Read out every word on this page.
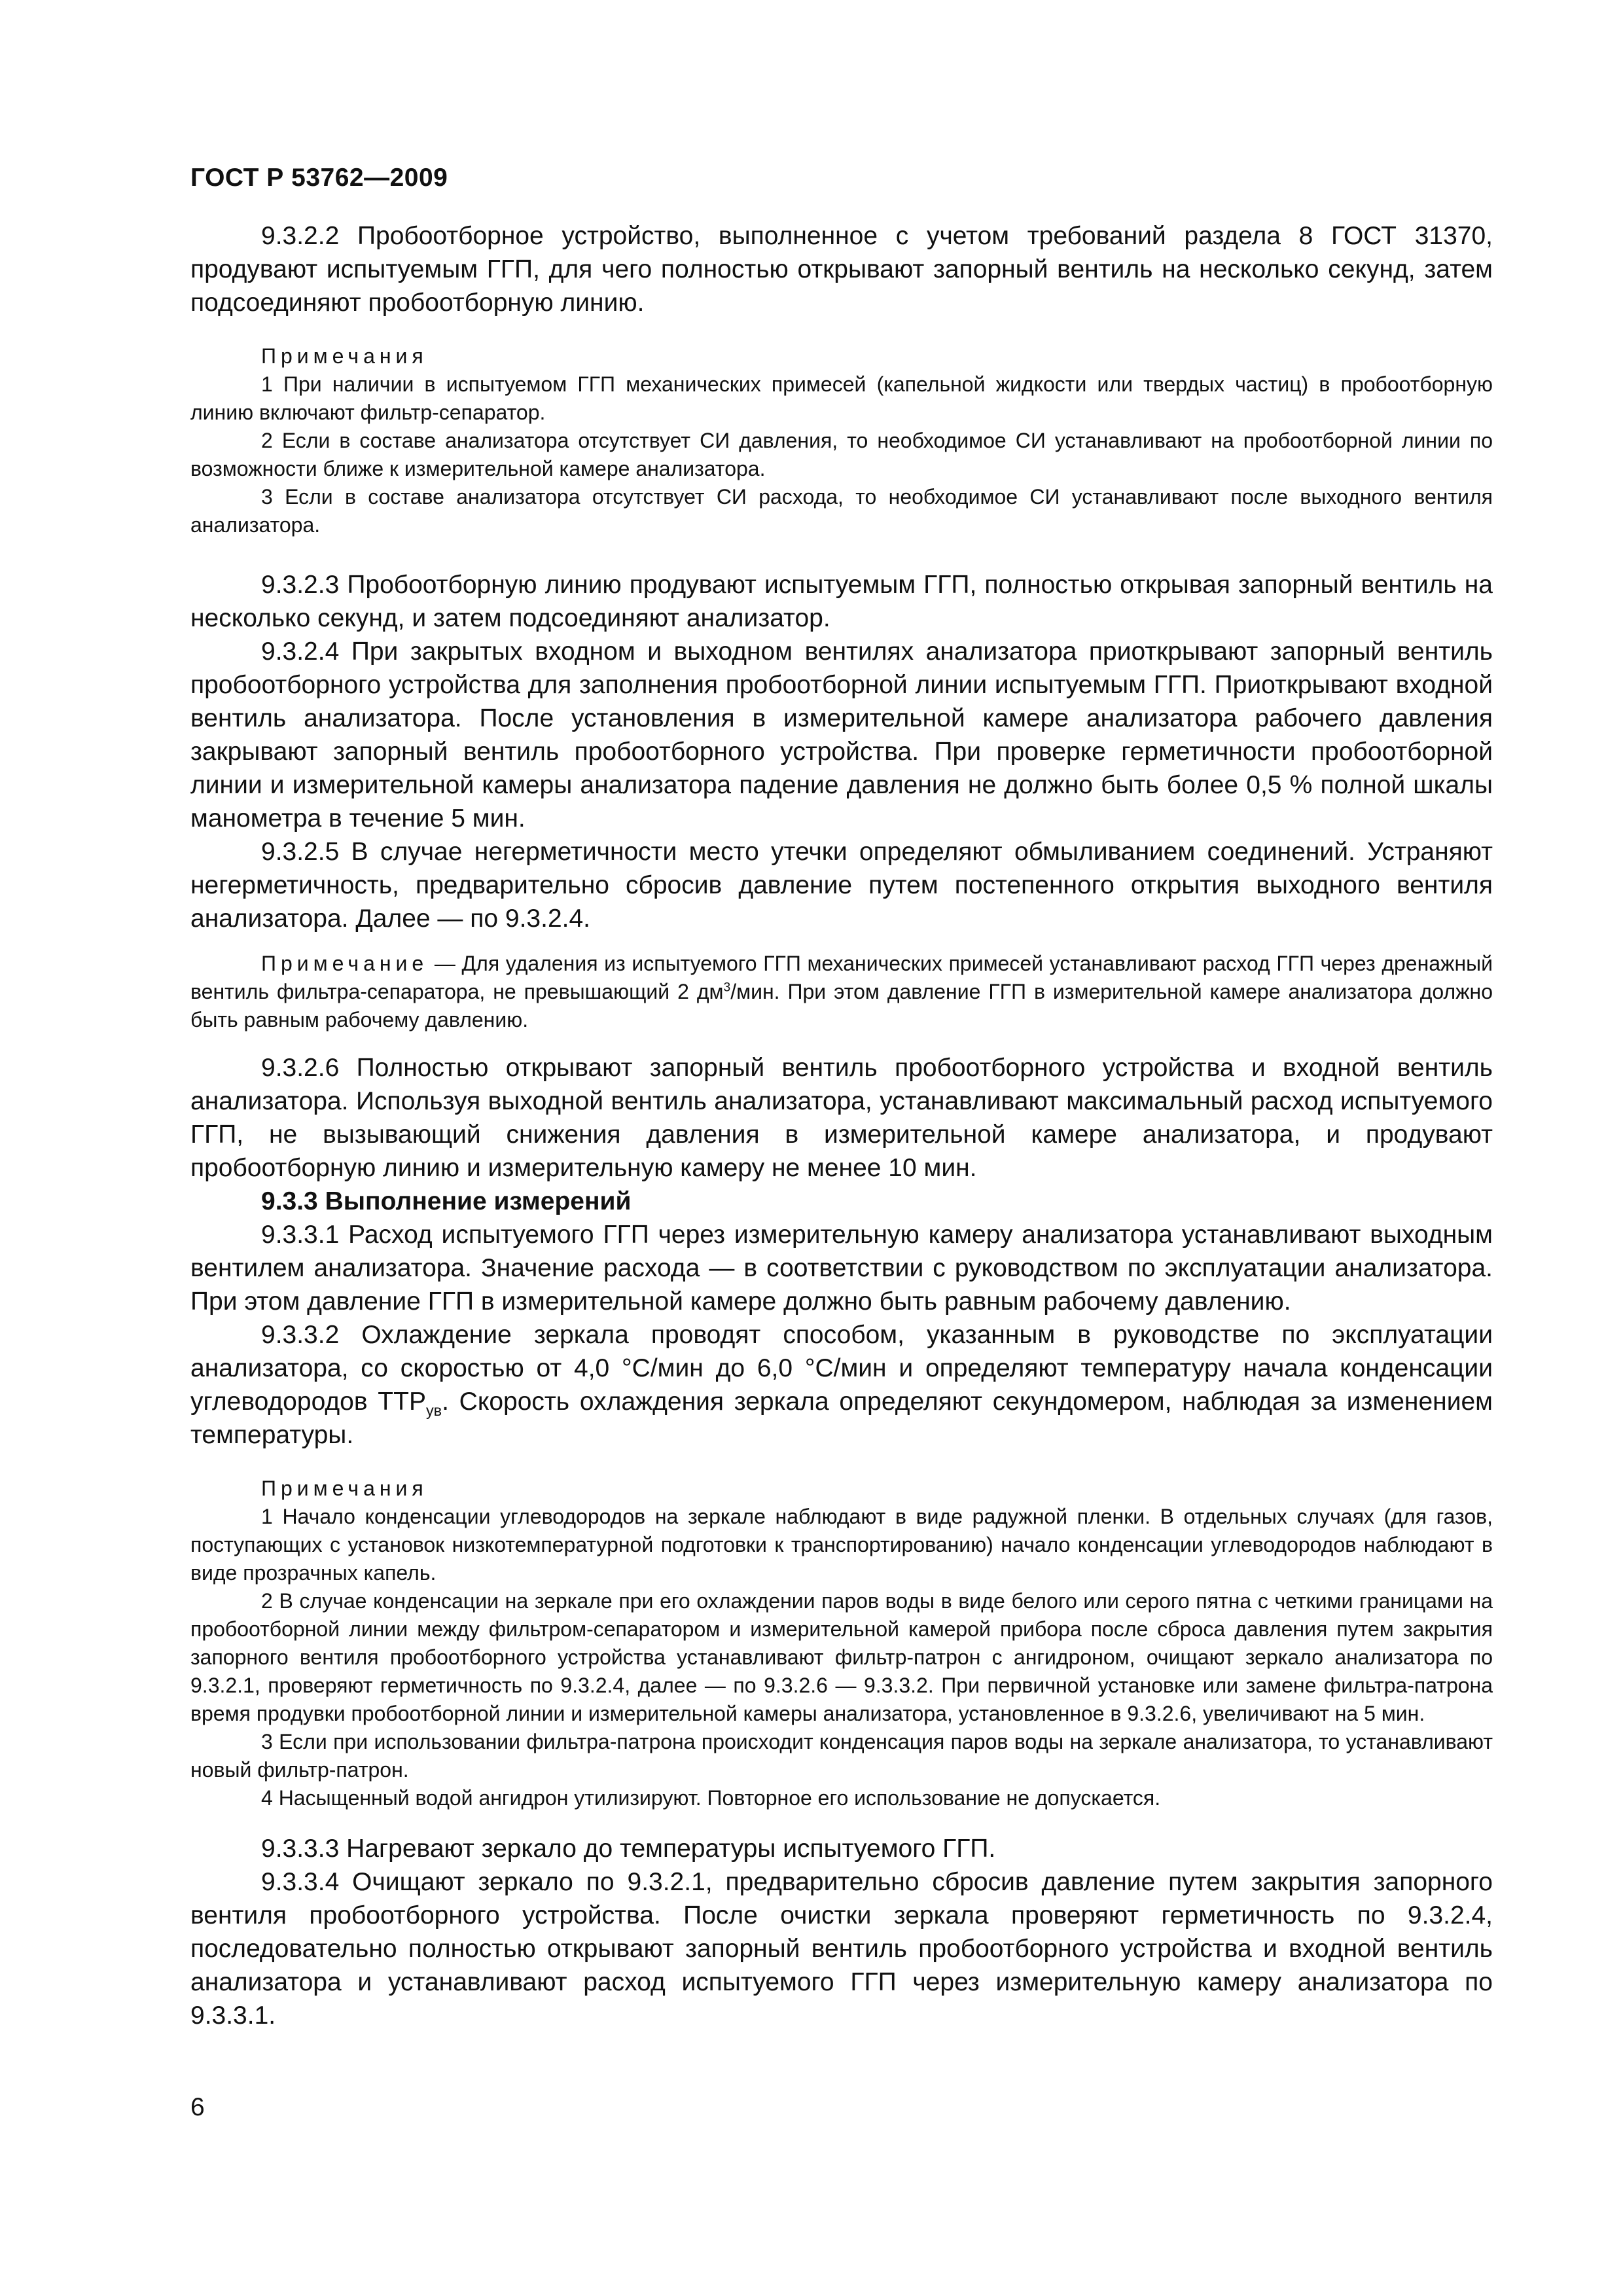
ГОСТ Р 53762—2009

9.3.2.2 Пробоотборное устройство, выполненное с учетом требований раздела 8 ГОСТ 31370, продувают испытуемым ГГП, для чего полностью открывают запорный вентиль на несколько секунд, затем подсоединяют пробоотборную линию.

Примечания

1 При наличии в испытуемом ГГП механических примесей (капельной жидкости или твердых частиц) в пробоотборную линию включают фильтр-сепаратор.

2 Если в составе анализатора отсутствует СИ давления, то необходимое СИ устанавливают на пробоотборной линии по возможности ближе к измерительной камере анализатора.

3 Если в составе анализатора отсутствует СИ расхода, то необходимое СИ устанавливают после выходного вентиля анализатора.

9.3.2.3 Пробоотборную линию продувают испытуемым ГГП, полностью открывая запорный вентиль на несколько секунд, и затем подсоединяют анализатор.

9.3.2.4 При закрытых входном и выходном вентилях анализатора приоткрывают запорный вентиль пробоотборного устройства для заполнения пробоотборной линии испытуемым ГГП. Приоткрывают входной вентиль анализатора. После установления в измерительной камере анализатора рабочего давления закрывают запорный вентиль пробоотборного устройства. При проверке герметичности пробоотборной линии и измерительной камеры анализатора падение давления не должно быть более 0,5 % полной шкалы манометра в течение 5 мин.

9.3.2.5 В случае негерметичности место утечки определяют обмыливанием соединений. Устраняют негерметичность, предварительно сбросив давление путем постепенного открытия выходного вентиля анализатора. Далее — по 9.3.2.4.

Примечание — Для удаления из испытуемого ГГП механических примесей устанавливают расход ГГП через дренажный вентиль фильтра-сепаратора, не превышающий 2 $дм^3$/мин. При этом давление ГГП в измерительной камере анализатора должно быть равным рабочему давлению.

9.3.2.6 Полностью открывают запорный вентиль пробоотборного устройства и входной вентиль анализатора. Используя выходной вентиль анализатора, устанавливают максимальный расход испытуемого ГГП, не вызывающий снижения давления в измерительной камере анализатора, и продувают пробоотборную линию и измерительную камеру не менее 10 мин.

9.3.3 Выполнение измерений

9.3.3.1 Расход испытуемого ГГП через измерительную камеру анализатора устанавливают выходным вентилем анализатора. Значение расхода — в соответствии с руководством по эксплуатации анализатора. При этом давление ГГП в измерительной камере должно быть равным рабочему давлению.

9.3.3.2 Охлаждение зеркала проводят способом, указанным в руководстве по эксплуатации анализатора, со скоростью от 4,0 °С/мин до 6,0 °С/мин и определяют температуру начала конденсации углеводородов $ТТР_{ув}$. Скорость охлаждения зеркала определяют секундомером, наблюдая за изменением температуры.

Примечания

1 Начало конденсации углеводородов на зеркале наблюдают в виде радужной пленки. В отдельных случаях (для газов, поступающих с установок низкотемпературной подготовки к транспортированию) начало конденсации углеводородов наблюдают в виде прозрачных капель.

2 В случае конденсации на зеркале при его охлаждении паров воды в виде белого или серого пятна с четкими границами на пробоотборной линии между фильтром-сепаратором и измерительной камерой прибора после сброса давления путем закрытия запорного вентиля пробоотборного устройства устанавливают фильтр-патрон с ангидроном, очищают зеркало анализатора по 9.3.2.1, проверяют герметичность по 9.3.2.4, далее — по 9.3.2.6 — 9.3.3.2. При первичной установке или замене фильтра-патрона время продувки пробоотборной линии и измерительной камеры анализатора, установленное в 9.3.2.6, увеличивают на 5 мин.

3 Если при использовании фильтра-патрона происходит конденсация паров воды на зеркале анализатора, то устанавливают новый фильтр-патрон.

4 Насыщенный водой ангидрон утилизируют. Повторное его использование не допускается.

9.3.3.3 Нагревают зеркало до температуры испытуемого ГГП.

9.3.3.4 Очищают зеркало по 9.3.2.1, предварительно сбросив давление путем закрытия запорного вентиля пробоотборного устройства. После очистки зеркала проверяют герметичность по 9.3.2.4, последовательно полностью открывают запорный вентиль пробоотборного устройства и входной вентиль анализатора и устанавливают расход испытуемого ГГП через измерительную камеру анализатора по 9.3.3.1.

6
